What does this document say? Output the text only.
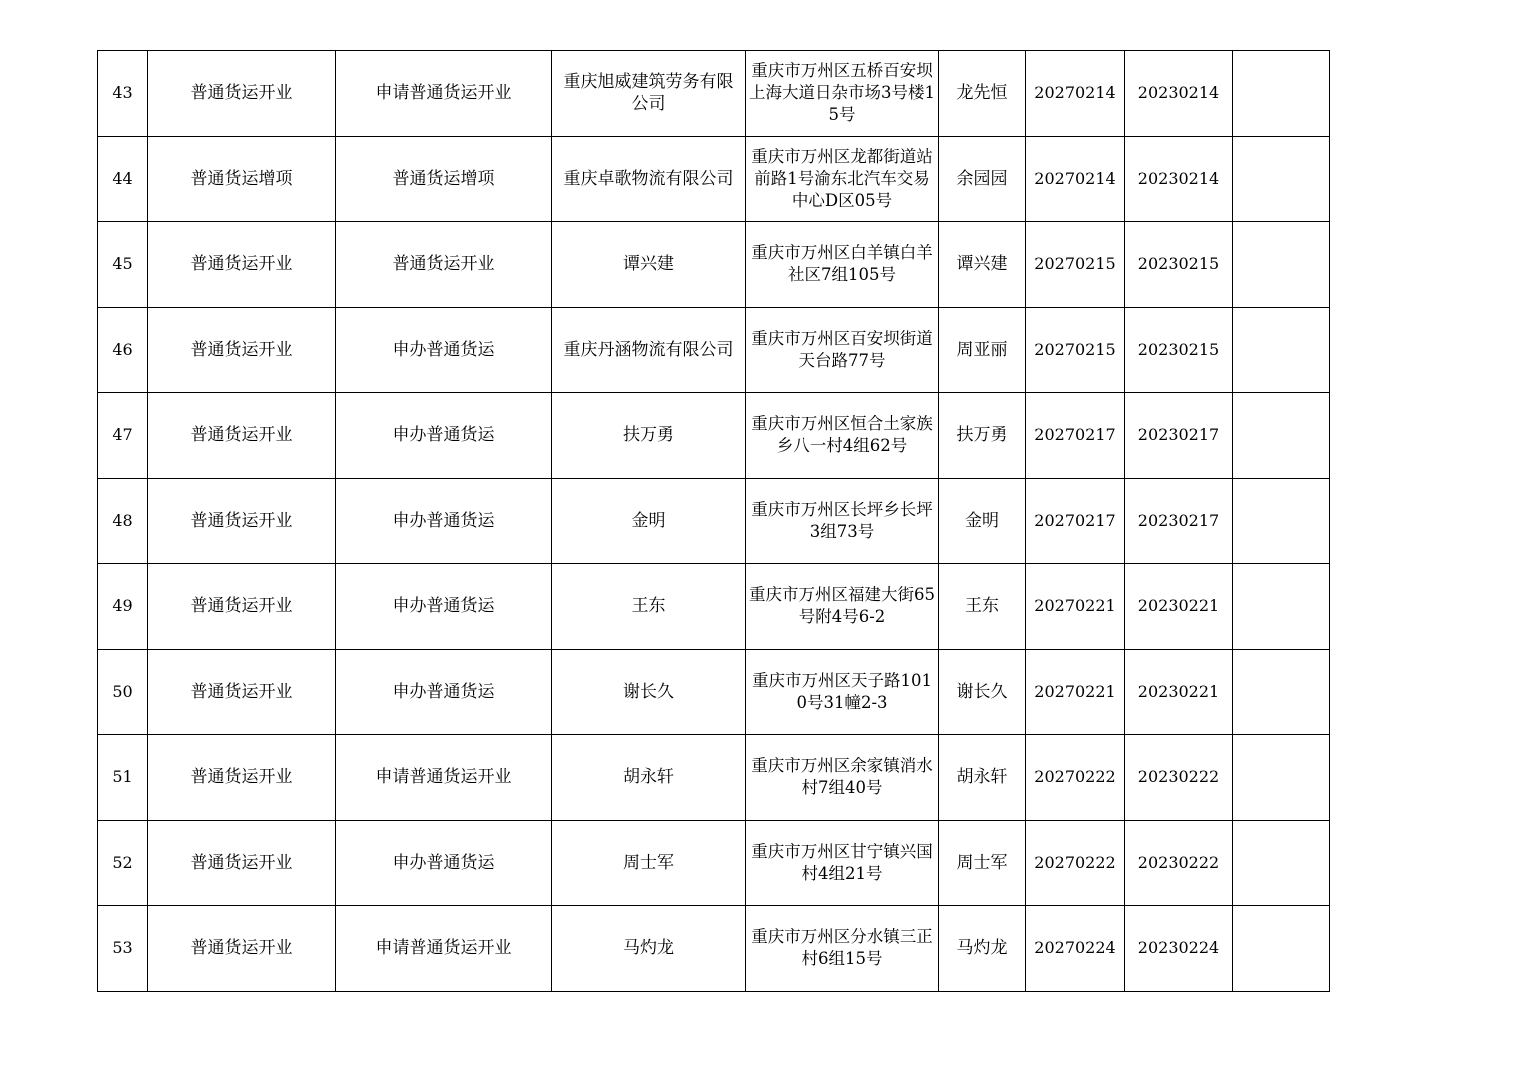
43	普通货运开业	申请普通货运开业	重庆旭威建筑劳务有限公司	重庆市万州区五桥百安坝上海大道日杂市场3号楼15号	龙先恒	20270214	20230214	
44	普通货运增项	普通货运增项	重庆卓歌物流有限公司	重庆市万州区龙都街道站前路1号渝东北汽车交易中心D区05号	余园园	20270214	20230214	
45	普通货运开业	普通货运开业	谭兴建	重庆市万州区白羊镇白羊社区7组105号	谭兴建	20270215	20230215	
46	普通货运开业	申办普通货运	重庆丹涵物流有限公司	重庆市万州区百安坝街道天台路77号	周亚丽	20270215	20230215	
47	普通货运开业	申办普通货运	扶万勇	重庆市万州区恒合土家族乡八一村4组62号	扶万勇	20270217	20230217	
48	普通货运开业	申办普通货运	金明	重庆市万州区长坪乡长坪3组73号	金明	20270217	20230217	
49	普通货运开业	申办普通货运	王东	重庆市万州区福建大街65号附4号6-2	王东	20270221	20230221	
50	普通货运开业	申办普通货运	谢长久	重庆市万州区天子路1010号31幢2-3	谢长久	20270221	20230221	
51	普通货运开业	申请普通货运开业	胡永轩	重庆市万州区余家镇消水村7组40号	胡永轩	20270222	20230222	
52	普通货运开业	申办普通货运	周士军	重庆市万州区甘宁镇兴国村4组21号	周士军	20270222	20230222	
53	普通货运开业	申请普通货运开业	马灼龙	重庆市万州区分水镇三正村6组15号	马灼龙	20270224	20230224	
